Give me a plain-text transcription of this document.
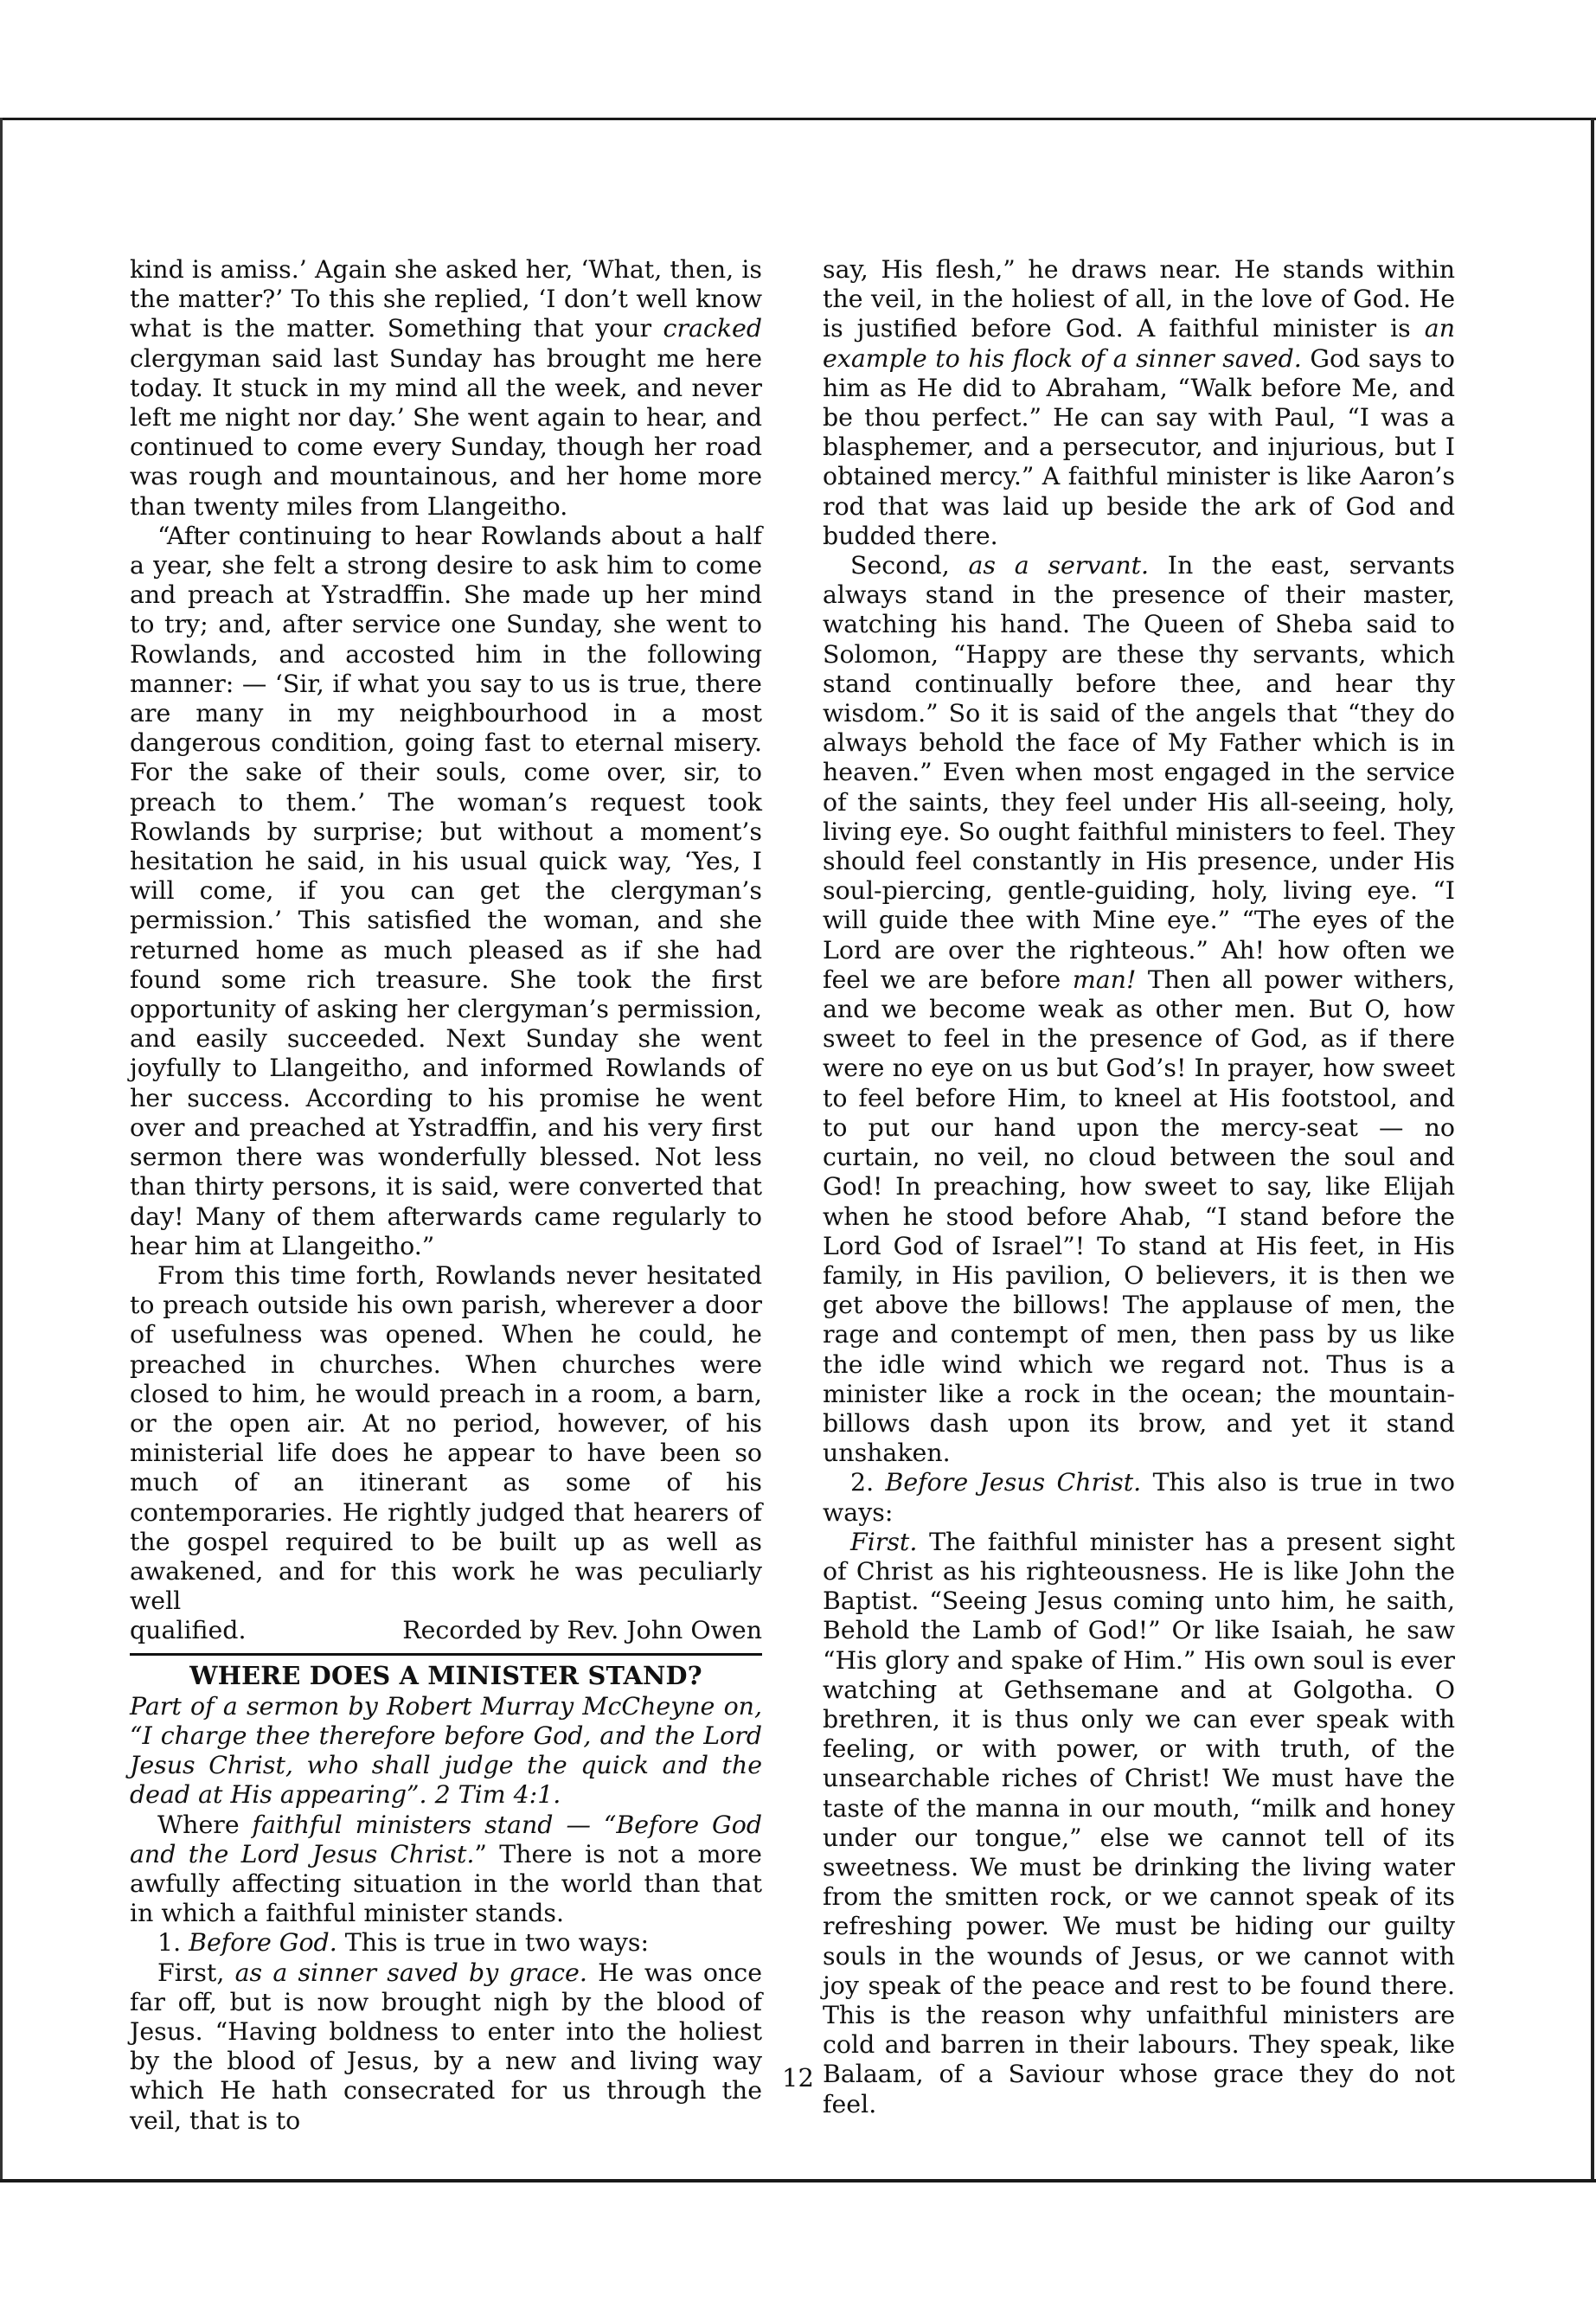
kind is amiss.’ Again she asked her, ‘What, then, is the matter?’ To this she replied, ‘I don’t well know what is the matter. Something that your cracked clergyman said last Sunday has brought me here today. It stuck in my mind all the week, and never left me night nor day.’ She went again to hear, and continued to come every Sunday, though her road was rough and mountainous, and her home more than twenty miles from Llangeitho.

“After continuing to hear Rowlands about a half a year, she felt a strong desire to ask him to come and preach at Ystradffin. She made up her mind to try; and, after service one Sunday, she went to Rowlands, and accosted him in the following manner: — ‘Sir, if what you say to us is true, there are many in my neighbourhood in a most dangerous condition, going fast to eternal misery. For the sake of their souls, come over, sir, to preach to them.’ The woman’s request took Rowlands by surprise; but without a moment’s hesitation he said, in his usual quick way, ‘Yes, I will come, if you can get the clergyman’s permission.’ This satisfied the woman, and she returned home as much pleased as if she had found some rich treasure. She took the first opportunity of asking her clergyman’s permission, and easily succeeded. Next Sunday she went joyfully to Llangeitho, and informed Rowlands of her success. According to his promise he went over and preached at Ystradffin, and his very first sermon there was wonderfully blessed. Not less than thirty persons, it is said, were converted that day! Many of them afterwards came regularly to hear him at Llangeitho.”

From this time forth, Rowlands never hesitated to preach outside his own parish, wherever a door of usefulness was opened. When he could, he preached in churches. When churches were closed to him, he would preach in a room, a barn, or the open air. At no period, however, of his ministerial life does he appear to have been so much of an itinerant as some of his contemporaries. He rightly judged that hearers of the gospel required to be built up as well as awakened, and for this work he was peculiarly well

qualified.	Recorded by Rev. John Owen
WHERE DOES A MINISTER STAND?

Part of a sermon by Robert Murray McCheyne on, “I charge thee therefore before God, and the Lord Jesus Christ, who shall judge the quick and the dead at His appearing”. 2 Tim 4:1.

Where faithful ministers stand — “Before God and the Lord Jesus Christ.” There is not a more awfully affecting situation in the world than that in which a faithful minister stands.

1. Before God. This is true in two ways:

First, as a sinner saved by grace. He was once far off, but is now brought nigh by the blood of Jesus. “Having boldness to enter into the holiest by the blood of Jesus, by a new and living way which He hath consecrated for us through the veil, that is to

say, His flesh,” he draws near. He stands within the veil, in the holiest of all, in the love of God. He is justified before God. A faithful minister is an example to his flock of a sinner saved. God says to him as He did to Abraham, “Walk before Me, and be thou perfect.” He can say with Paul, “I was a blasphemer, and a persecutor, and injurious, but I obtained mercy.” A faithful minister is like Aaron’s rod that was laid up beside the ark of God and budded there.

Second, as a servant. In the east, servants always stand in the presence of their master, watching his hand. The Queen of Sheba said to Solomon, “Happy are these thy servants, which stand continually before thee, and hear thy wisdom.” So it is said of the angels that “they do always behold the face of My Father which is in heaven.” Even when most engaged in the service of the saints, they feel under His all-seeing, holy, living eye. So ought faithful ministers to feel. They should feel constantly in His presence, under His soul-piercing, gentle-guiding, holy, living eye. “I will guide thee with Mine eye.” “The eyes of the Lord are over the righteous.” Ah! how often we feel we are before man! Then all power withers, and we become weak as other men. But O, how sweet to feel in the presence of God, as if there were no eye on us but God’s! In prayer, how sweet to feel before Him, to kneel at His footstool, and to put our hand upon the mercy-seat — no curtain, no veil, no cloud between the soul and God! In preaching, how sweet to say, like Elijah when he stood before Ahab, “I stand before the Lord God of Israel”! To stand at His feet, in His family, in His pavilion, O believers, it is then we get above the billows! The applause of men, the rage and contempt of men, then pass by us like the idle wind which we regard not. Thus is a minister like a rock in the ocean; the mountain-billows dash upon its brow, and yet it stand unshaken.

2. Before Jesus Christ. This also is true in two ways:

First. The faithful minister has a present sight of Christ as his righteousness. He is like John the Baptist. “Seeing Jesus coming unto him, he saith, Behold the Lamb of God!” Or like Isaiah, he saw “His glory and spake of Him.” His own soul is ever watching at Gethsemane and at Golgotha. O brethren, it is thus only we can ever speak with feeling, or with power, or with truth, of the unsearchable riches of Christ! We must have the taste of the manna in our mouth, “milk and honey under our tongue,” else we cannot tell of its sweetness. We must be drinking the living water from the smitten rock, or we cannot speak of its refreshing power. We must be hiding our guilty souls in the wounds of Jesus, or we cannot with joy speak of the peace and rest to be found there. This is the reason why unfaithful ministers are cold and barren in their labours. They speak, like Balaam, of a Saviour whose grace they do not feel.

12
